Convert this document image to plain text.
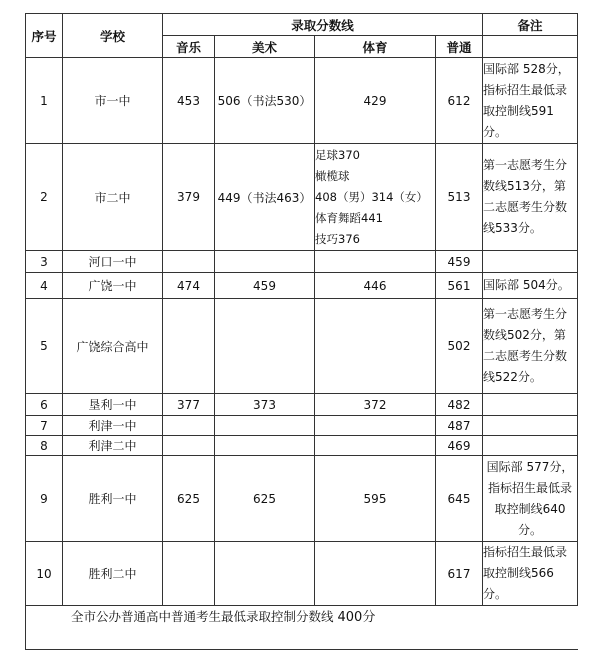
序号	学校	录取分数线				备注
		音乐	美术	体育	普通	
1	市一中	453	506（书法530）	429	612	国际部 528分，
指标招生最低录
取控制线591
分。

2	市二中	379	449（书法463）	足球370
橄榄球
408（男）314（女）
体育舞蹈441
技巧376	513	第一志愿考生分
数线513分，第
二志愿考生分数
线533分。

3	河口一中				459	
4	广饶一中	474	459	446	561	国际部 504分。

5	广饶综合高中				502	第一志愿考生分
数线502分，第
二志愿考生分数
线522分。

6	垦利一中	377	373	372	482	
7	利津一中				487	
8	利津二中				469	
9	胜利一中	625	625	595	645	国际部 577分，
指标招生最低录
取控制线640
分。

10	胜利二中				617	指标招生最低录
取控制线566
分。

全市公办普通高中普通考生最低录取控制分数线 400分						
